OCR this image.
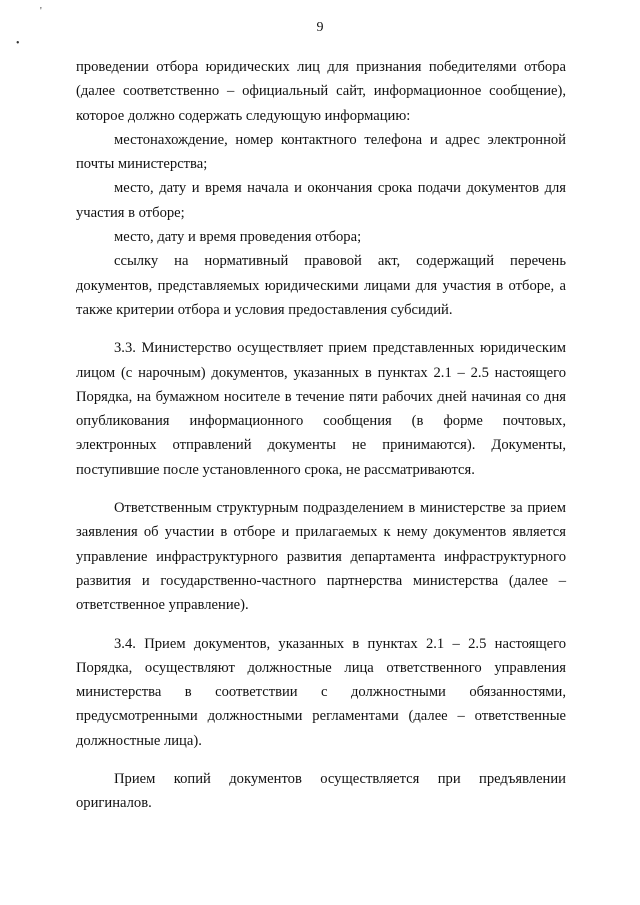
'
•
9

проведении отбора юридических лиц для признания победителями отбора (далее соответственно – официальный сайт, информационное сообщение), которое должно содержать следующую информацию:

местонахождение, номер контактного телефона и адрес электронной почты министерства;

место, дату и время начала и окончания срока подачи документов для участия в отборе;

место, дату и время проведения отбора;

ссылку на нормативный правовой акт, содержащий перечень документов, представляемых юридическими лицами для участия в отборе, а также критерии отбора и условия предоставления субсидий.

3.3. Министерство осуществляет прием представленных юридическим лицом (с нарочным) документов, указанных в пунктах 2.1 – 2.5 настоящего Порядка, на бумажном носителе в течение пяти рабочих дней начиная со дня опубликования информационного сообщения (в форме почтовых, электронных отправлений документы не принимаются). Документы, поступившие после установленного срока, не рассматриваются.

Ответственным структурным подразделением в министерстве за прием заявления об участии в отборе и прилагаемых к нему документов является управление инфраструктурного развития департамента инфраструктурного развития и государственно-частного партнерства министерства (далее – ответственное управление).

3.4. Прием документов, указанных в пунктах 2.1 – 2.5 настоящего Порядка, осуществляют должностные лица ответственного управления министерства в соответствии с должностными обязанностями, предусмотренными должностными регламентами (далее – ответственные должностные лица).

Прием копий документов осуществляется при предъявлении оригиналов.
